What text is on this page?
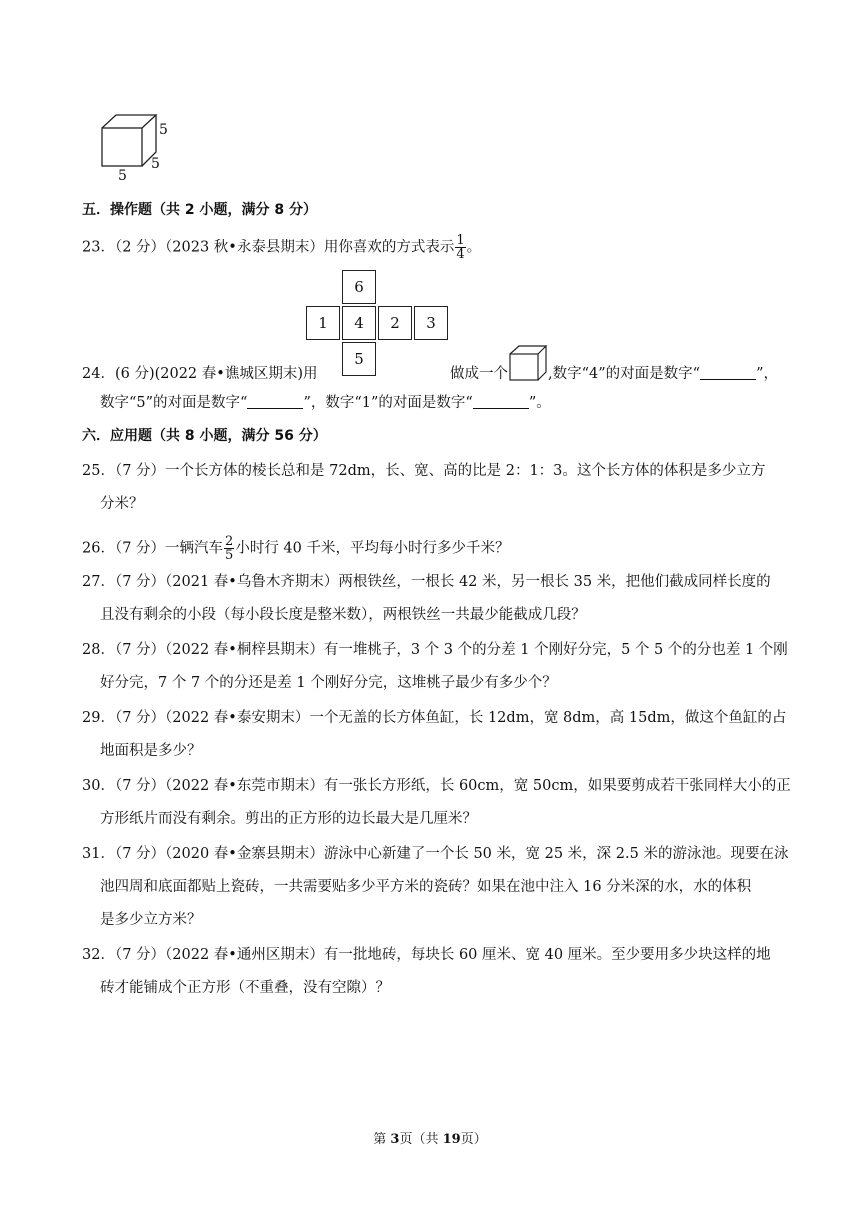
5
5
5
五．操作题（共 2 小题，满分 8 分）
23．（2 分）（2023 秋•永泰县期末）用你喜欢的方式表示 $\frac{1}{4}$ 。
6
1	4	2	3
5
24．(6 分)(2022 春•谯城区期末)用	做成一个	,数字“4”的对面是数字“	”，
数字“5”的对面是数字“	”，数字“1”的对面是数字“	”。
六．应用题（共 8 小题，满分 56 分）
25．（7 分）一个长方体的棱长总和是 72dm，长、宽、高的比是 2：1：3。这个长方体的体积是多少立方
分米？
26．（7 分）一辆汽车 $\frac{2}{5}$ 小时行 40 千米，平均每小时行多少千米？
27．（7 分）（2021 春•乌鲁木齐期末）两根铁丝，一根长 42 米，另一根长 35 米，把他们截成同样长度的
且没有剩余的小段（每小段长度是整米数），两根铁丝一共最少能截成几段？
28．（7 分）（2022 春•桐梓县期末）有一堆桃子，3 个 3 个的分差 1 个刚好分完，5 个 5 个的分也差 1 个刚
好分完，7 个 7 个的分还是差 1 个刚好分完，这堆桃子最少有多少个？
29．（7 分）（2022 春•泰安期末）一个无盖的长方体鱼缸，长 12dm，宽 8dm，高 15dm，做这个鱼缸的占
地面积是多少？
30．（7 分）（2022 春•东莞市期末）有一张长方形纸，长 60cm，宽 50cm，如果要剪成若干张同样大小的正
方形纸片而没有剩余。剪出的正方形的边长最大是几厘米？
31．（7 分）（2020 春•金寨县期末）游泳中心新建了一个长 50 米，宽 25 米，深 2.5 米的游泳池。现要在泳
池四周和底面都贴上瓷砖，一共需要贴多少平方米的瓷砖？如果在池中注入 16 分米深的水，水的体积
是多少立方米？
32．（7 分）（2022 春•通州区期末）有一批地砖，每块长 60 厘米、宽 40 厘米。至少要用多少块这样的地
砖才能铺成个正方形（不重叠，没有空隙）？
第 3页（共 19页）
